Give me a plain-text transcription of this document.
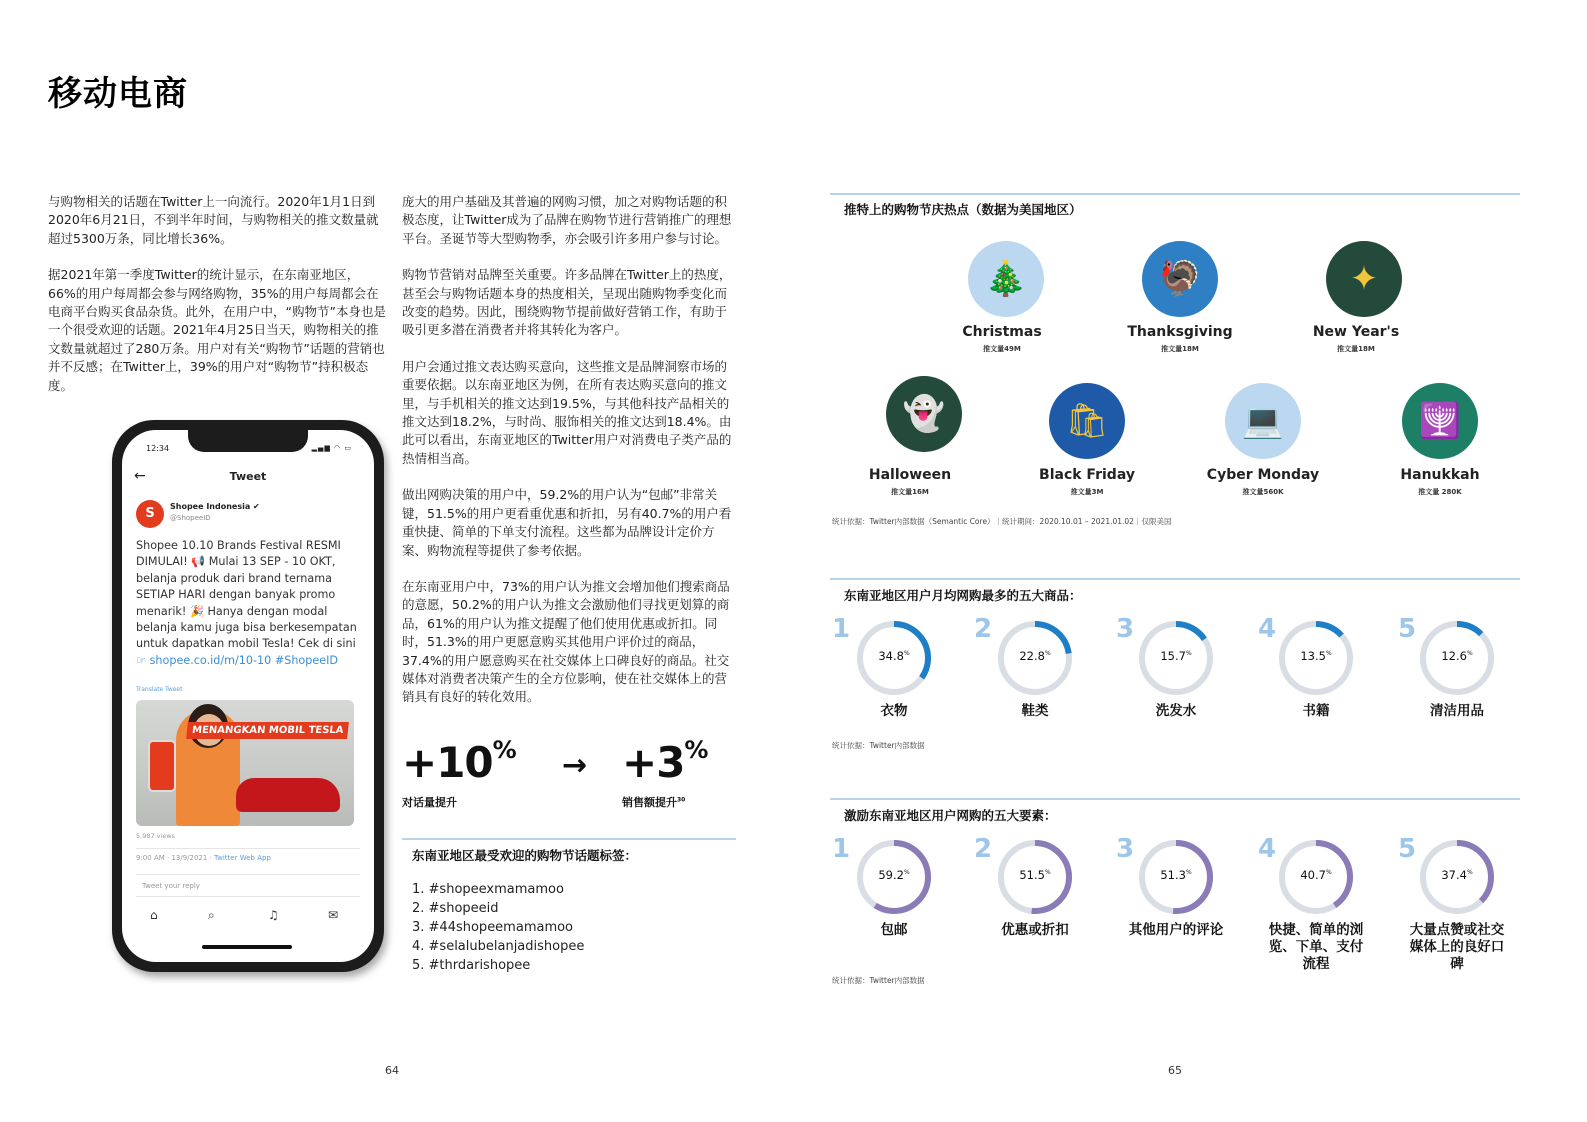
移动电商

与购物相关的话题在Twitter上一向流行。2020年1月1日到2020年6月21日，不到半年时间，与购物相关的推文数量就超过5300万条，同比增长36%。

据2021年第一季度Twitter的统计显示，在东南亚地区，66%的用户每周都会参与网络购物，35%的用户每周都会在电商平台购买食品杂货。此外，在用户中，“购物节”本身也是一个很受欢迎的话题。2021年4月25日当天，购物相关的推文数量就超过了280万条。用户对有关“购物节”话题的营销也并不反感；在Twitter上，39%的用户对“购物节”持积极态度。

庞大的用户基础及其普遍的网购习惯，加之对购物话题的积极态度，让Twitter成为了品牌在购物节进行营销推广的理想平台。圣诞节等大型购物季，亦会吸引许多用户参与讨论。

购物节营销对品牌至关重要。许多品牌在Twitter上的热度，甚至会与购物话题本身的热度相关，呈现出随购物季变化而改变的趋势。因此，围绕购物节提前做好营销工作，有助于吸引更多潜在消费者并将其转化为客户。

用户会通过推文表达购买意向，这些推文是品牌洞察市场的重要依据。以东南亚地区为例，在所有表达购买意向的推文里，与手机相关的推文达到19.5%，与其他科技产品相关的推文达到18.2%，与时尚、服饰相关的推文达到18.4%。由此可以看出，东南亚地区的Twitter用户对消费电子类产品的热情相当高。

做出网购决策的用户中，59.2%的用户认为“包邮”非常关键，51.5%的用户更看重优惠和折扣，另有40.7%的用户看重快捷、简单的下单支付流程。这些都为品牌设计定价方案、购物流程等提供了参考依据。

在东南亚用户中，73%的用户认为推文会增加他们搜索商品的意愿，50.2%的用户认为推文会激励他们寻找更划算的商品，61%的用户认为推文提醒了他们使用优惠或折扣。同时，51.3%的用户更愿意购买其他用户评价过的商品，37.4%的用户愿意购买在社交媒体上口碑良好的商品。社交媒体对消费者决策产生的全方位影响，使在社交媒体上的营销具有良好的转化效用。

12:34	▂▄▆ ◠ ▭
←	Tweet
S	Shopee Indonesia ✔
@ShopeeID
Shopee 10.10 Brands Festival RESMI DIMULAI! 📢 Mulai 13 SEP - 10 OKT, belanja produk dari brand ternama SETIAP HARI dengan banyak promo menarik! 🎉 Hanya dengan modal belanja kamu juga bisa berkesempatan untuk dapatkan mobil Tesla! Cek di sini ☞ shopee.co.id/m/10-10 #ShopeeID
Translate Tweet
MENANGKAN MOBIL TESLA
5,987 views
9:00 AM · 13/9/2021 · Twitter Web App
Tweet your reply
⌂	⌕	♫	✉
+10% → +3%
对话量提升	销售额提升$^{30}$
东南亚地区最受欢迎的购物节话题标签：
1. #shopeexmamamoo
2. #shopeeid
3. #44shopeemamamoo
4. #selalubelanjadishopee
5. #thrdarishopee
64
推特上的购物节庆热点（数据为美国地区）
🎄
Christmas
推文量49M
🦃
Thanksgiving
推文量18M
✦
New Year's
推文量18M
👻
Halloween
推文量16M
🛍
Black Friday
推文量3M
💻
Cyber Monday
推文量560K
🕎
Hanukkah
推文量 280K
统计依据：Twitter内部数据（Semantic Core）｜统计期间：2020.10.01 – 2021.01.02｜仅限美国
东南亚地区用户月均网购最多的五大商品：
34.8%
1
衣物
22.8%
2
鞋类
15.7%
3
洗发水
13.5%
4
书籍
12.6%
5
清洁用品
统计依据：Twitter内部数据
激励东南亚地区用户网购的五大要素：
59.2%
1
包邮
51.5%
2
优惠或折扣
51.3%
3
其他用户的评论
40.7%
4
快捷、简单的浏览、下单、支付流程
37.4%
5
大量点赞或社交媒体上的良好口碑
统计依据：Twitter内部数据
65
